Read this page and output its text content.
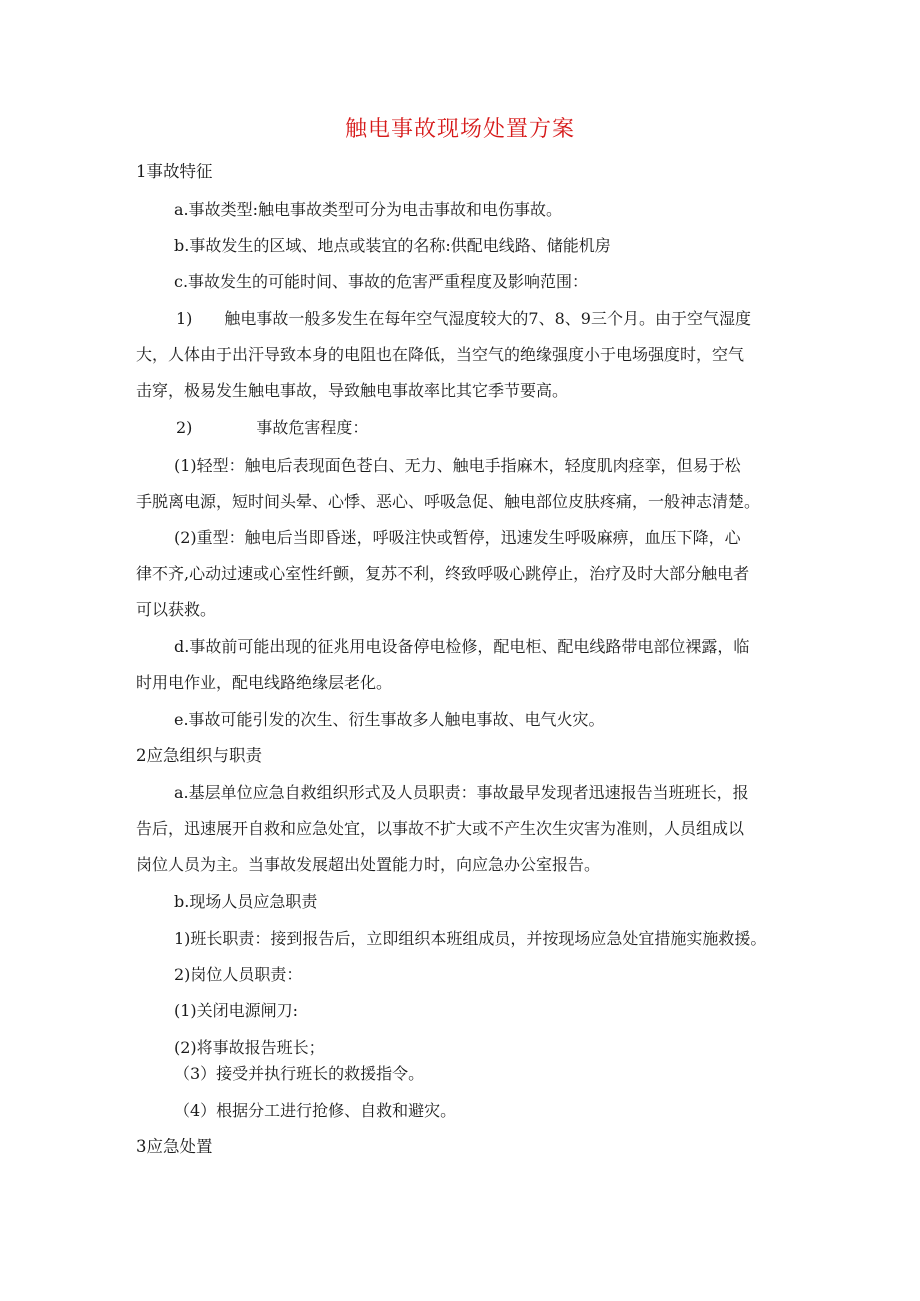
触电事故现场处置方案
1事故特征
a.事故类型:触电事故类型可分为电击事故和电伤事故。
b.事故发生的区域、地点或装宜的名称:供配电线路、储能机房
c.事故发生的可能时间、事故的危害严重程度及影响范围：
1)　　触电事故一般多发生在每年空气湿度较大的7、8、9三个月。由于空气湿度
大，人体由于出汗导致本身的电阻也在降低，当空气的绝缘强度小于电场强度时，空气
击穿，极易发生触电事故，导致触电事故率比其它季节要高。
2)　　　　事故危害程度：
(1)轻型：触电后表现面色苍白、无力、触电手指麻木，轻度肌肉痉挛，但易于松
手脱离电源，短时间头晕、心悸、恶心、呼吸急促、触电部位皮肤疼痛，一般神志清楚。
(2)重型：触电后当即昏迷，呼吸注快或暂停，迅速发生呼吸麻痹，血压下降，心
律不齐,心动过速或心室性纤颤，复苏不利，终致呼吸心跳停止，治疗及时大部分触电者
可以获救。
d.事故前可能出现的征兆用电设备停电检修，配电柜、配电线路带电部位裸露，临
时用电作业，配电线路绝缘层老化。
e.事故可能引发的次生、衍生事故多人触电事故、电气火灾。
2应急组织与职责
a.基层单位应急自救组织形式及人员职责：事故最早发现者迅速报告当班班长，报
告后，迅速展开自救和应急处宜，以事故不扩大或不产生次生灾害为准则，人员组成以
岗位人员为主。当事故发展超出处置能力时，向应急办公室报告。
b.现场人员应急职责
1)班长职责：接到报告后，立即组织本班组成员，并按现场应急处宜措施实施救援。
2)岗位人员职责：
(1)关闭电源闸刀:
(2)将事故报告班长；
（3）接受并执行班长的救援指令。
（4）根据分工进行抢修、自救和避灾。
3应急处置
